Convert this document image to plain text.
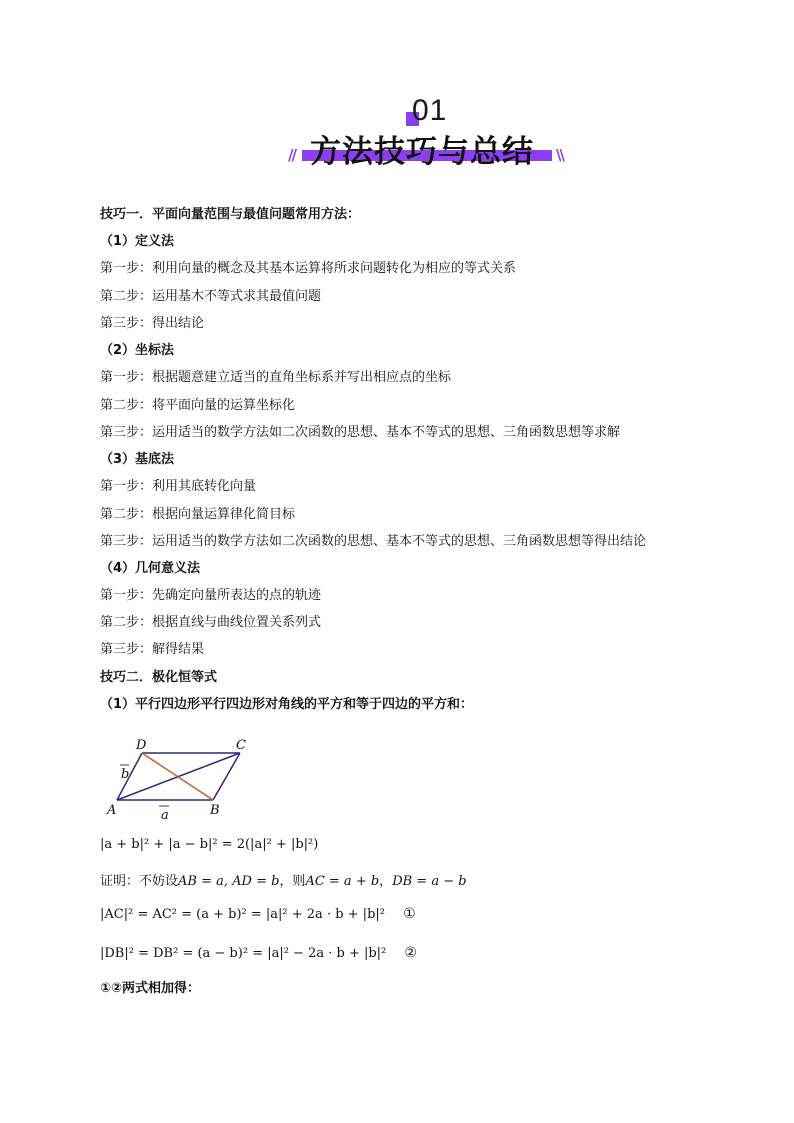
01
// 方法技巧与总结 \\
技巧一．平面向量范围与最值问题常用方法：
（1）定义法
第一步：利用向量的概念及其基本运算将所求问题转化为相应的等式关系
第二步：运用基木不等式求其最值问题
第三步：得出结论
（2）坐标法
第一步：根据题意建立适当的直角坐标系并写出相应点的坐标
第二步：将平面向量的运算坐标化
第三步：运用适当的数学方法如二次函数的思想、基本不等式的思想、三角函数思想等求解
（3）基底法
第一步：利用其底转化向量
第二步：根据向量运算律化简目标
第三步：运用适当的数学方法如二次函数的思想、基本不等式的思想、三角函数思想等得出结论
（4）几何意义法
第一步：先确定向量所表达的点的轨迹
第二步：根据直线与曲线位置关系列式
第三步：解得结果
技巧二．极化恒等式
（1）平行四边形平行四边形对角线的平方和等于四边的平方和：
D	C
A	B
b
a
|a + b|² + |a − b|² = 2(|a|² + |b|²)
证明：不妨设AB = a, AD = b，则AC = a + b，DB = a − b
|AC|² = AC² = (a + b)² = |a|² + 2a · b + |b|² ①
|DB|² = DB² = (a − b)² = |a|² − 2a · b + |b|² ②
①②两式相加得：
